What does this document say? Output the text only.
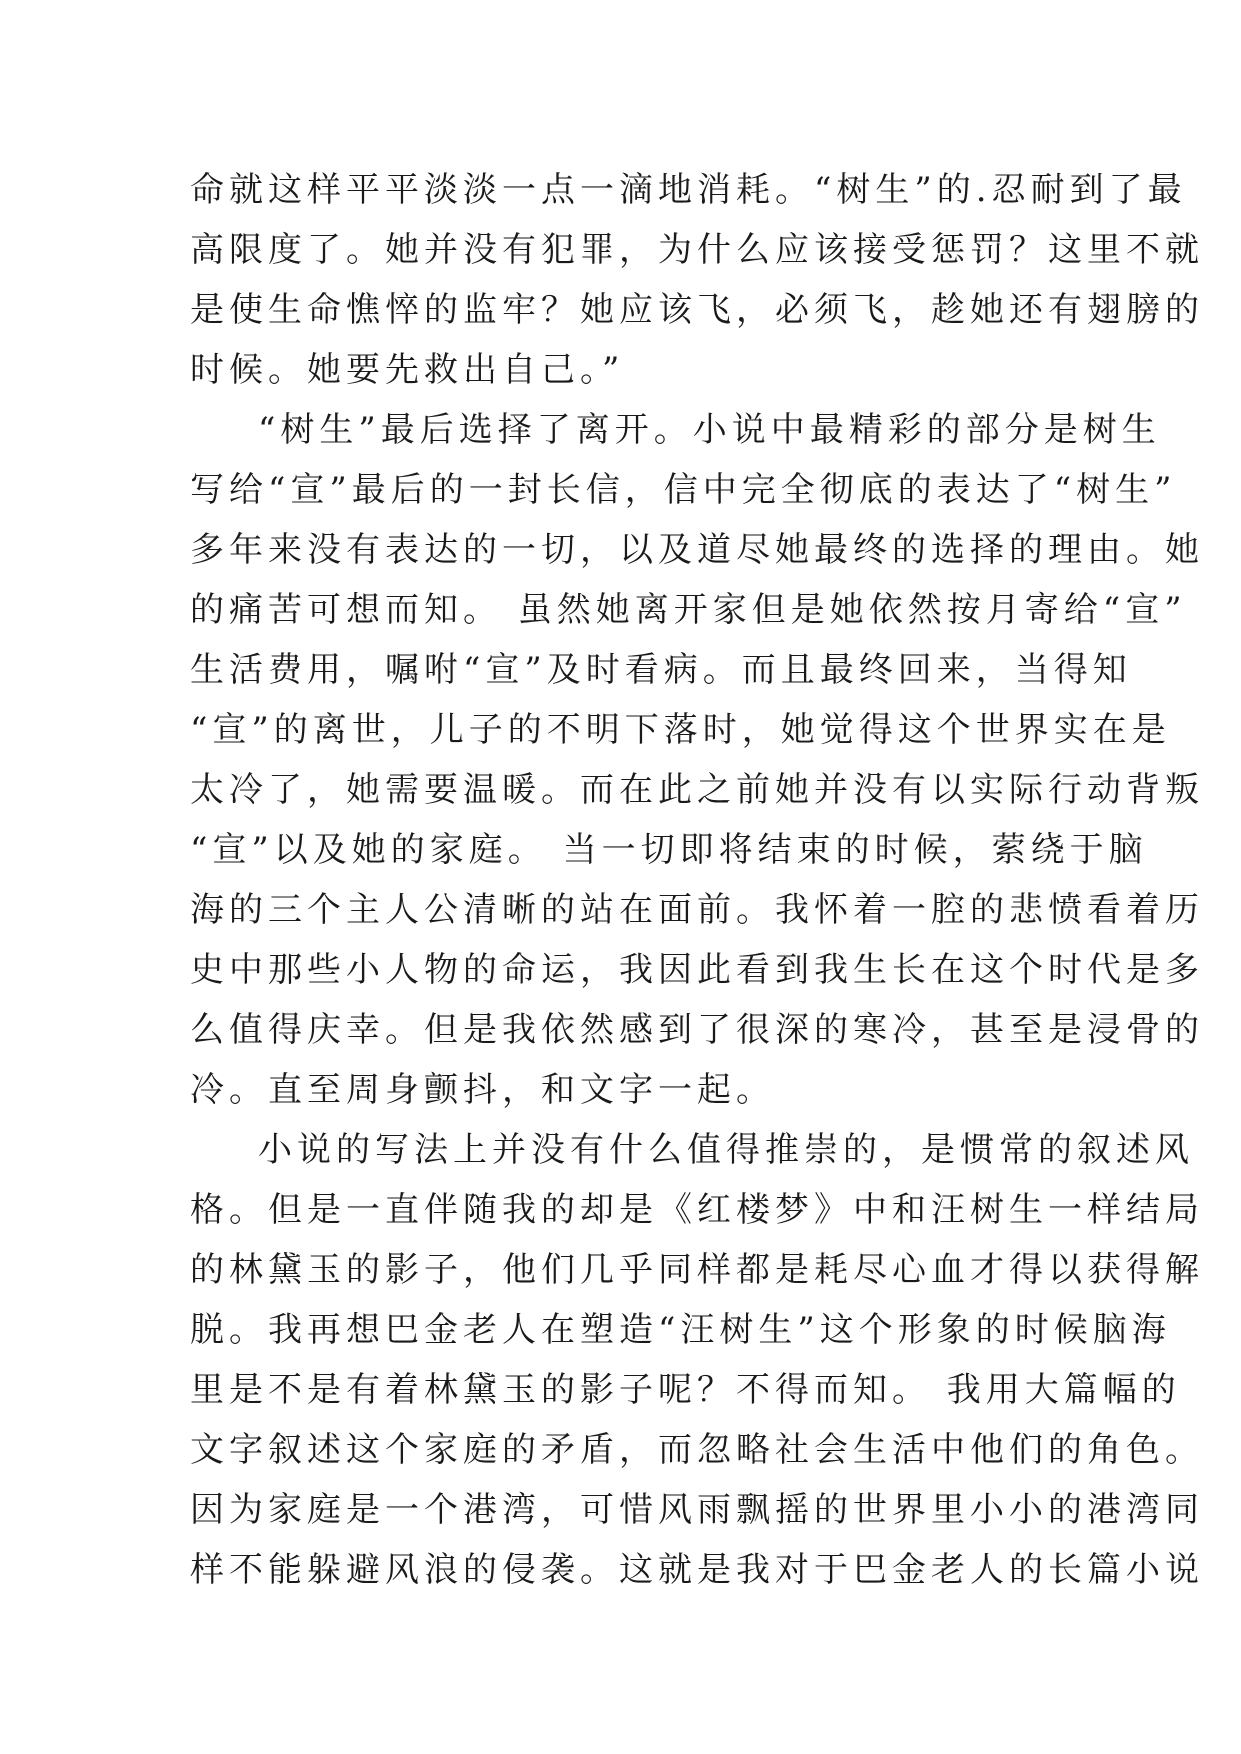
命就这样平平淡淡一点一滴地消耗。“树生”的.忍耐到了最
高限度了。她并没有犯罪，为什么应该接受惩罚？这里不就
是使生命憔悴的监牢？她应该飞，必须飞，趁她还有翅膀的
时候。她要先救出自己。”
“树生”最后选择了离开。小说中最精彩的部分是树生
写给“宣”最后的一封长信，信中完全彻底的表达了“树生”
多年来没有表达的一切，以及道尽她最终的选择的理由。她
的痛苦可想而知。 虽然她离开家但是她依然按月寄给“宣”
生活费用，嘱咐“宣”及时看病。而且最终回来，当得知
“宣”的离世，儿子的不明下落时，她觉得这个世界实在是
太冷了，她需要温暖。而在此之前她并没有以实际行动背叛
“宣”以及她的家庭。 当一切即将结束的时候，萦绕于脑
海的三个主人公清晰的站在面前。我怀着一腔的悲愤看着历
史中那些小人物的命运，我因此看到我生长在这个时代是多
么值得庆幸。但是我依然感到了很深的寒冷，甚至是浸骨的
冷。直至周身颤抖，和文字一起。
小说的写法上并没有什么值得推崇的，是惯常的叙述风
格。但是一直伴随我的却是《红楼梦》中和汪树生一样结局
的林黛玉的影子，他们几乎同样都是耗尽心血才得以获得解
脱。我再想巴金老人在塑造“汪树生”这个形象的时候脑海
里是不是有着林黛玉的影子呢？不得而知。 我用大篇幅的
文字叙述这个家庭的矛盾，而忽略社会生活中他们的角色。
因为家庭是一个港湾，可惜风雨飘摇的世界里小小的港湾同
样不能躲避风浪的侵袭。这就是我对于巴金老人的长篇小说
